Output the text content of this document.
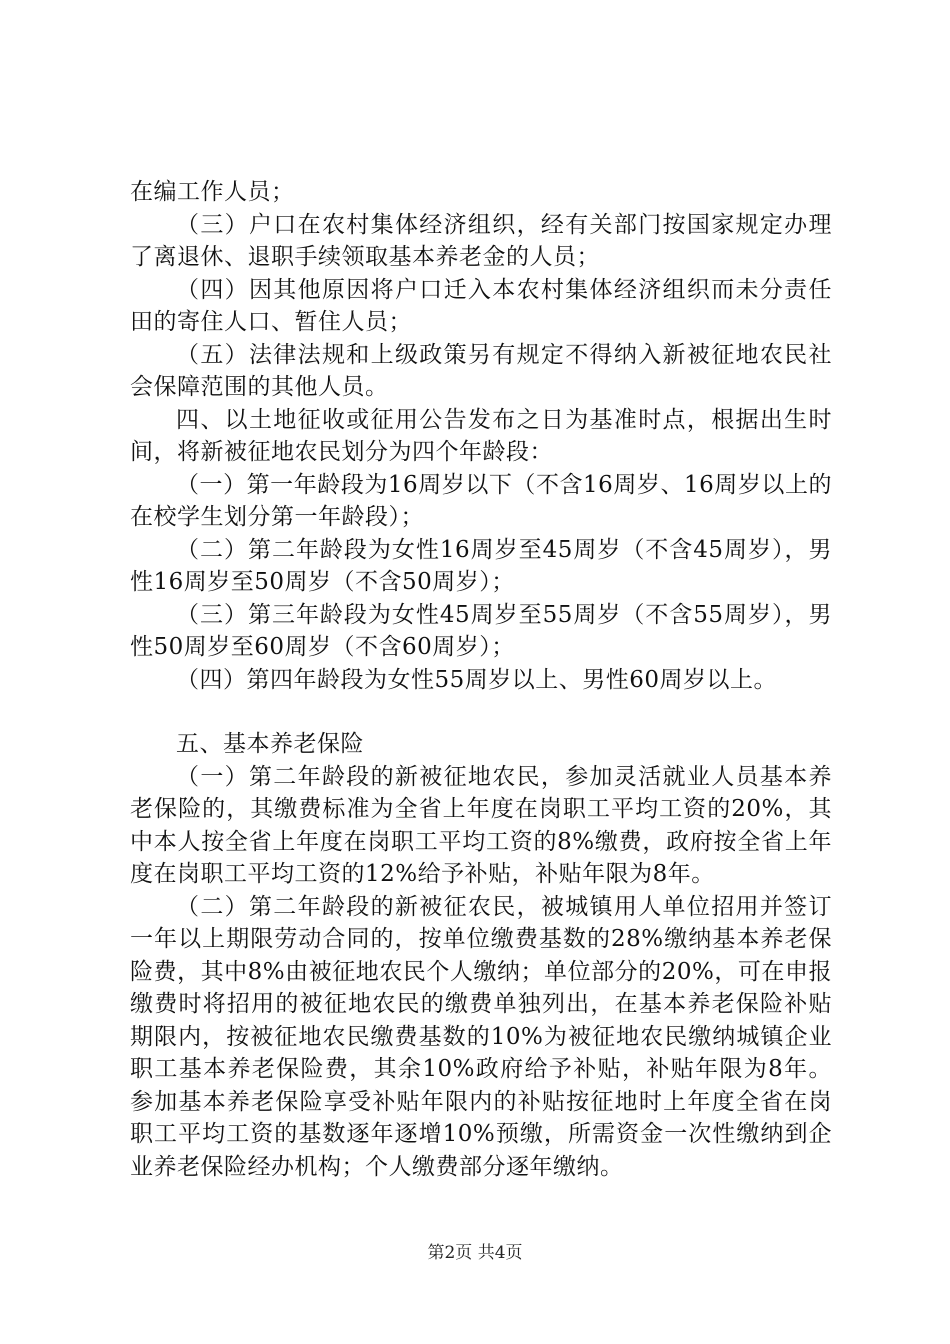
在编工作人员；

（三）户口在农村集体经济组织，经有关部门按国家规定办理了离退休、退职手续领取基本养老金的人员；

（四）因其他原因将户口迁入本农村集体经济组织而未分责任田的寄住人口、暂住人员；

（五）法律法规和上级政策另有规定不得纳入新被征地农民社会保障范围的其他人员。

四、以土地征收或征用公告发布之日为基准时点，根据出生时间，将新被征地农民划分为四个年龄段：

（一）第一年龄段为16周岁以下（不含16周岁、16周岁以上的在校学生划分第一年龄段）；

（二）第二年龄段为女性16周岁至45周岁（不含45周岁），男性16周岁至50周岁（不含50周岁）；

（三）第三年龄段为女性45周岁至55周岁（不含55周岁），男性50周岁至60周岁（不含60周岁）；

（四）第四年龄段为女性55周岁以上、男性60周岁以上。

五、基本养老保险

（一）第二年龄段的新被征地农民，参加灵活就业人员基本养老保险的，其缴费标准为全省上年度在岗职工平均工资的20%，其中本人按全省上年度在岗职工平均工资的8%缴费，政府按全省上年度在岗职工平均工资的12%给予补贴，补贴年限为8年。

（二）第二年龄段的新被征农民，被城镇用人单位招用并签订一年以上期限劳动合同的，按单位缴费基数的28%缴纳基本养老保险费，其中8%由被征地农民个人缴纳；单位部分的20%，可在申报缴费时将招用的被征地农民的缴费单独列出，在基本养老保险补贴期限内，按被征地农民缴费基数的10%为被征地农民缴纳城镇企业职工基本养老保险费，其余10%政府给予补贴，补贴年限为8年。参加基本养老保险享受补贴年限内的补贴按征地时上年度全省在岗职工平均工资的基数逐年逐增10%预缴，所需资金一次性缴纳到企业养老保险经办机构；个人缴费部分逐年缴纳。

第2页 共4页
